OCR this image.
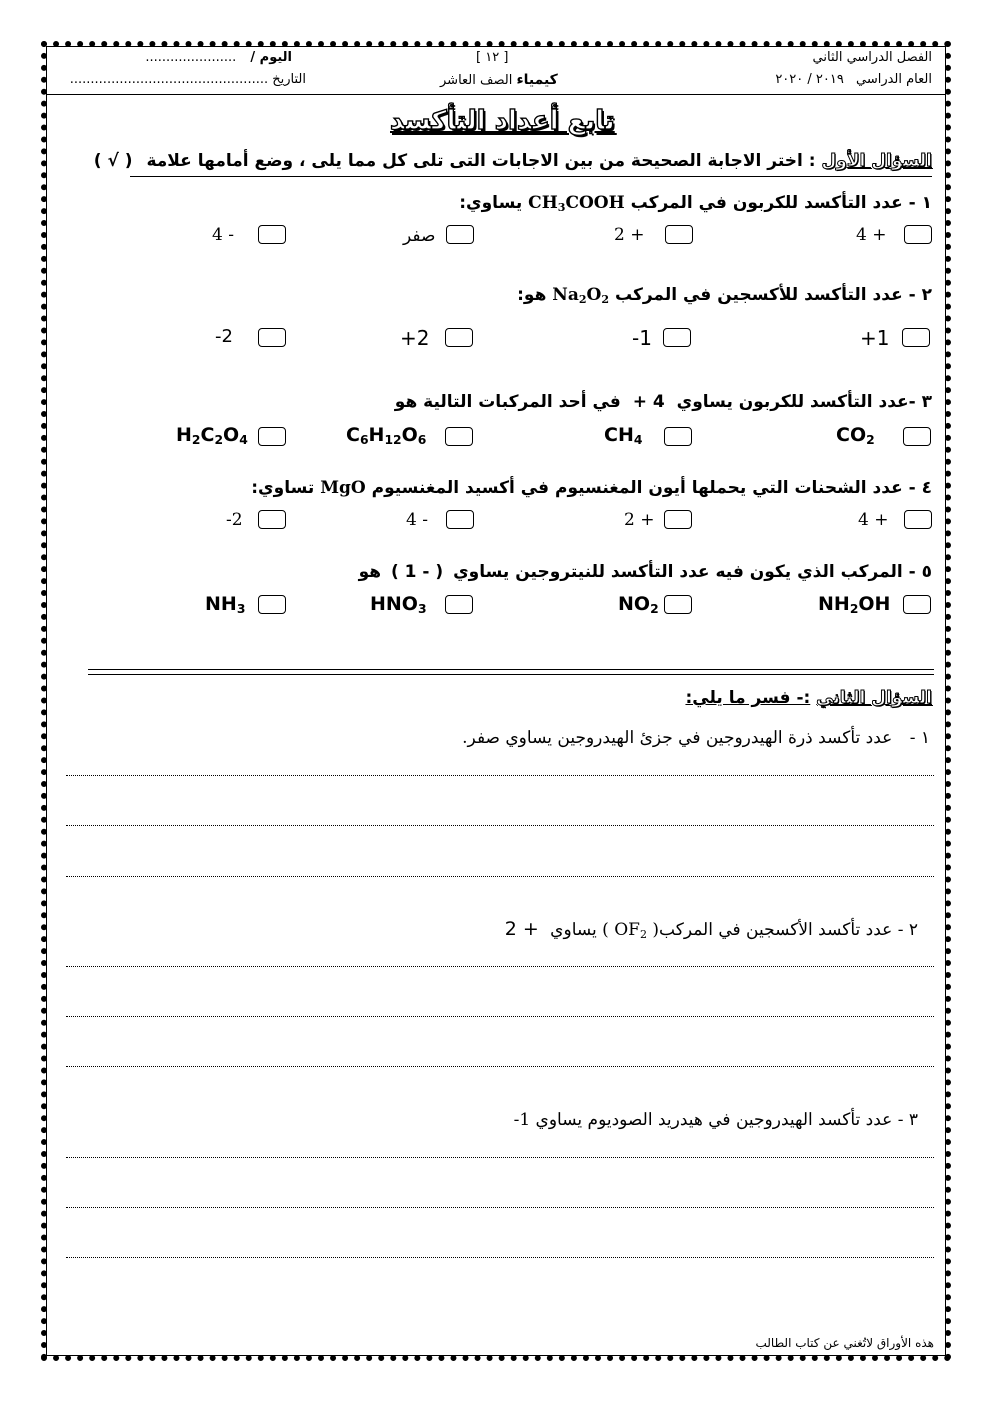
الفصل الدراسي الثاني
العام الدراسي ٢٠١٩ / ٢٠٢٠
[ ١٢ ]
كيمياء الصف العاشر
اليوم / ......................
التاريخ ................................................
تابع أعداد التأكسد
السؤال الأول : اختر الاجابة الصحيحة من بين الاجابات التى تلى كل مما يلى ، وضع أمامها علامة ( √ )
١ - عدد التأكسد للكربون في المركب $CH_3COOH$ يساوي:
4 +
2 +
صفر
4 -
٢ - عدد التأكسد للأكسجين في المركب $Na_2O_2$ هو:
+1
-1
+2
-2
٣ -عدد التأكسد للكربون يساوي + 4 في أحد المركبات التالية هو
$CO_2$
$CH_4$
$C_6H_{12}O_6$
$H_2C_2O_4$
٤ - عدد الشحنات التي يحملها أيون المغنسيوم في أكسيد المغنسيوم MgO تساوي:
4 +
2 +
4 -
-2
٥ - المركب الذي يكون فيه عدد التأكسد للنيتروجين يساوي ( 1 - ) هو
$NH_2OH$
$NO_2$
$HNO_3$
$NH_3$
السؤال الثاني :- فسر ما يلي:
١ - عدد تأكسد ذرة الهيدروجين في جزئ الهيدروجين يساوي صفر.
٢ - عدد تأكسد الأكسجين في المركب( $OF_2$ ) يساوي 2 +
٣ - عدد تأكسد الهيدروجين في هيدريد الصوديوم يساوي 1-
هذه الأوراق لاتُغني عن كتاب الطالب
